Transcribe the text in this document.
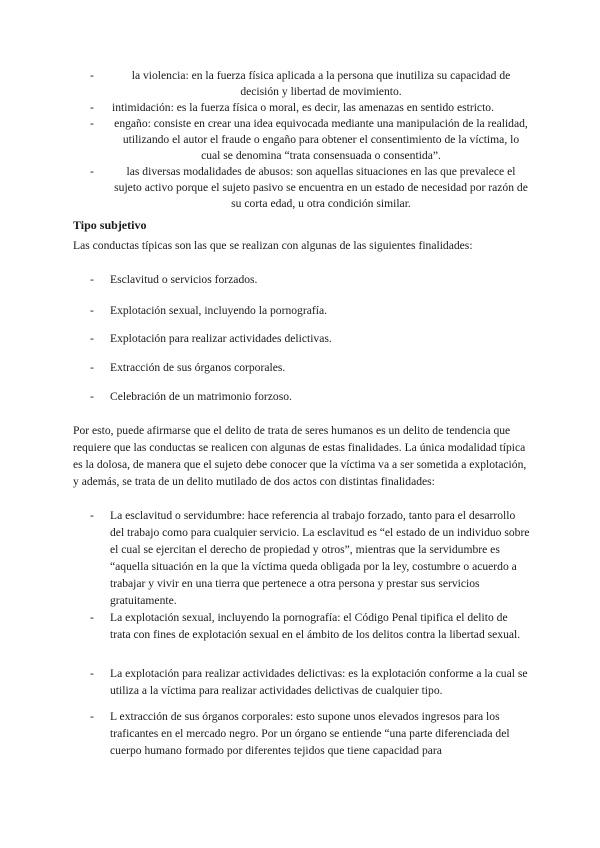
-	la violencia: en la fuerza física aplicada a la persona que inutiliza su capacidad de decisión y libertad de movimiento.
- intimidación: es la fuerza física o moral, es decir, las amenazas en sentido estricto.
- engaño: consiste en crear una idea equivocada mediante una manipulación de la realidad, utilizando el autor el fraude o engaño para obtener el consentimiento de la víctima, lo cual se denomina “trata consensuada o consentida”.
-	las diversas modalidades de abusos: son aquellas situaciones en las que prevalece el sujeto activo porque el sujeto pasivo se encuentra en un estado de necesidad por razón de su corta edad, u otra condición similar.
Tipo subjetivo

Las conductas típicas son las que se realizan con algunas de las siguientes finalidades:

- Esclavitud o servicios forzados.
- Explotación sexual, incluyendo la pornografía.
- Explotación para realizar actividades delictivas.
- Extracción de sus órganos corporales.
- Celebración de un matrimonio forzoso.

Por esto, puede afirmarse que el delito de trata de seres humanos es un delito de tendencia que requiere que las conductas se realicen con algunas de estas finalidades. La única modalidad típica es la dolosa, de manera que el sujeto debe conocer que la víctima va a ser sometida a explotación, y además, se trata de un delito mutilado de dos actos con distintas finalidades:

- La esclavitud o servidumbre: hace referencia al trabajo forzado, tanto para el desarrollo del trabajo como para cualquier servicio. La esclavitud es “el estado de un individuo sobre el cual se ejercitan el derecho de propiedad y otros”, mientras que la servidumbre es “aquella situación en la que la víctima queda obligada por la ley, costumbre o acuerdo a trabajar y vivir en una tierra que pertenece a otra persona y prestar sus servicios gratuitamente.
- La explotación sexual, incluyendo la pornografía: el Código Penal tipifica el delito de trata con fines de explotación sexual en el ámbito de los delitos contra la libertad sexual.
- La explotación para realizar actividades delictivas: es la explotación conforme a la cual se utiliza a la víctima para realizar actividades delictivas de cualquier tipo.
- L extracción de sus órganos corporales: esto supone unos elevados ingresos para los traficantes en el mercado negro. Por un órgano se entiende “una parte diferenciada del cuerpo humano formado por diferentes tejidos que tiene capacidad para
